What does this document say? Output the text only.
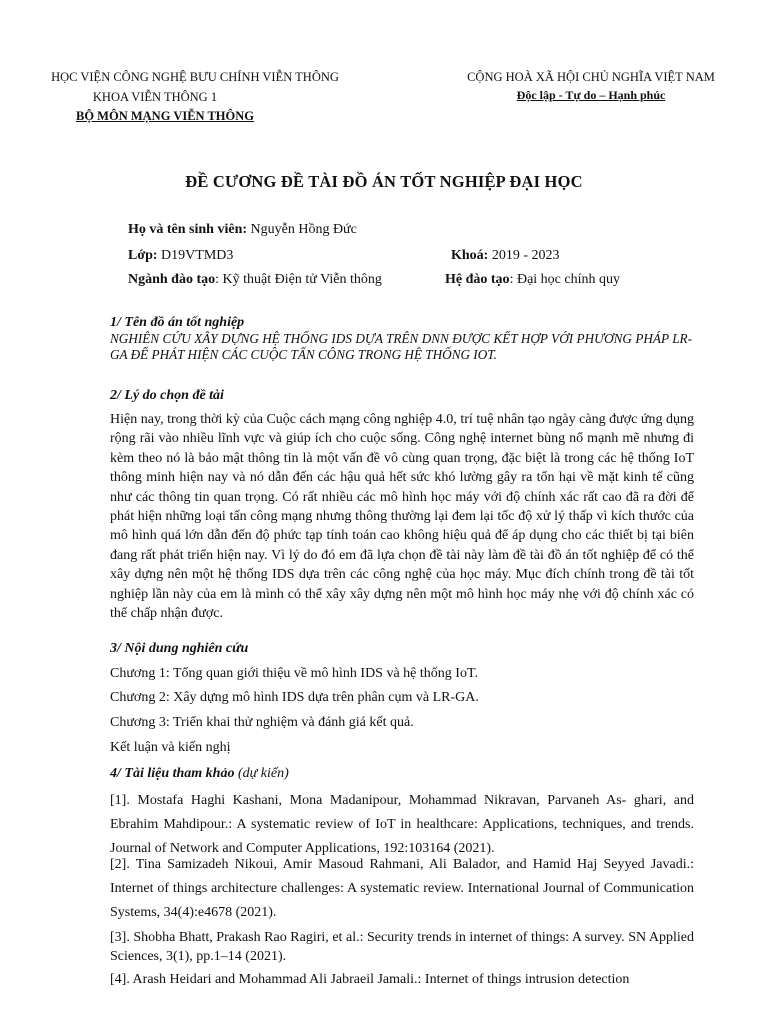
HỌC VIỆN CÔNG NGHỆ BƯU CHÍNH VIỄN THÔNG
KHOA VIỄN THÔNG 1
BỘ MÔN MẠNG VIỄN THÔNG
CỘNG HOÀ XÃ HỘI CHỦ NGHĨA VIỆT NAM
Độc lập - Tự do – Hạnh phúc
ĐỀ CƯƠNG ĐỀ TÀI ĐỒ ÁN TỐT NGHIỆP ĐẠI HỌC
Họ và tên sinh viên: Nguyễn Hồng Đức
Lớp: D19VTMD3	Khoá: 2019 - 2023
Ngành đào tạo: Kỹ thuật Điện tử Viễn thông	Hệ đào tạo: Đại học chính quy
1/ Tên đồ án tốt nghiệp
NGHIÊN CỨU XÂY DỰNG HỆ THỐNG IDS DỰA TRÊN DNN ĐƯỢC KẾT HỢP VỚI PHƯƠNG PHÁP LR-GA ĐỂ PHÁT HIỆN CÁC CUỘC TẤN CÔNG TRONG HỆ THỐNG IOT.
2/ Lý do chọn đề tài
Hiện nay, trong thời kỳ của Cuộc cách mạng công nghiệp 4.0, trí tuệ nhân tạo ngày càng được ứng dụng rộng rãi vào nhiều lĩnh vực và giúp ích cho cuộc sống. Công nghệ internet bùng nổ mạnh mẽ nhưng đi kèm theo nó là bảo mật thông tin là một vấn đề vô cùng quan trọng, đặc biệt là trong các hệ thống IoT thông minh hiện nay và nó dẫn đến các hậu quả hết sức khó lường gây ra tổn hại về mặt kinh tế cũng như các thông tin quan trọng. Có rất nhiều các mô hình học máy với độ chính xác rất cao đã ra đời để phát hiện những loại tấn công mạng nhưng thông thường lại đem lại tốc độ xử lý thấp vì kích thước của mô hình quá lớn dẫn đến độ phức tạp tính toán cao không hiệu quả để áp dụng cho các thiết bị tại biên đang rất phát triển hiện nay. Vì lý do đó em đã lựa chọn đề tài này làm đề tài đồ án tốt nghiệp để có thể xây dựng nên một hệ thống IDS dựa trên các công nghệ của học máy. Mục đích chính trong đề tài tốt nghiệp lần này của em là mình có thể xây xây dựng nên một mô hình học máy nhẹ với độ chính xác có thể chấp nhận được.
3/ Nội dung nghiên cứu
Chương 1: Tổng quan giới thiệu về mô hình IDS và hệ thống IoT.
Chương 2: Xây dựng mô hình IDS dựa trên phân cụm và LR-GA.
Chương 3: Triển khai thử nghiệm và đánh giá kết quả.
Kết luận và kiến nghị
4/ Tài liệu tham khảo (dự kiến)
[1]. Mostafa Haghi Kashani, Mona Madanipour, Mohammad Nikravan, Parvaneh As- ghari, and Ebrahim Mahdipour.: A systematic review of IoT in healthcare: Applications, techniques, and trends. Journal of Network and Computer Applications, 192:103164 (2021).
[2]. Tina Samizadeh Nikoui, Amir Masoud Rahmani, Ali Balador, and Hamid Haj Seyyed Javadi.: Internet of things architecture challenges: A systematic review. International Journal of Communication Systems, 34(4):e4678 (2021).
[3]. Shobha Bhatt, Prakash Rao Ragiri, et al.: Security trends in internet of things: A survey. SN Applied Sciences, 3(1), pp.1–14 (2021).
[4]. Arash Heidari and Mohammad Ali Jabraeil Jamali.: Internet of things intrusion detection
